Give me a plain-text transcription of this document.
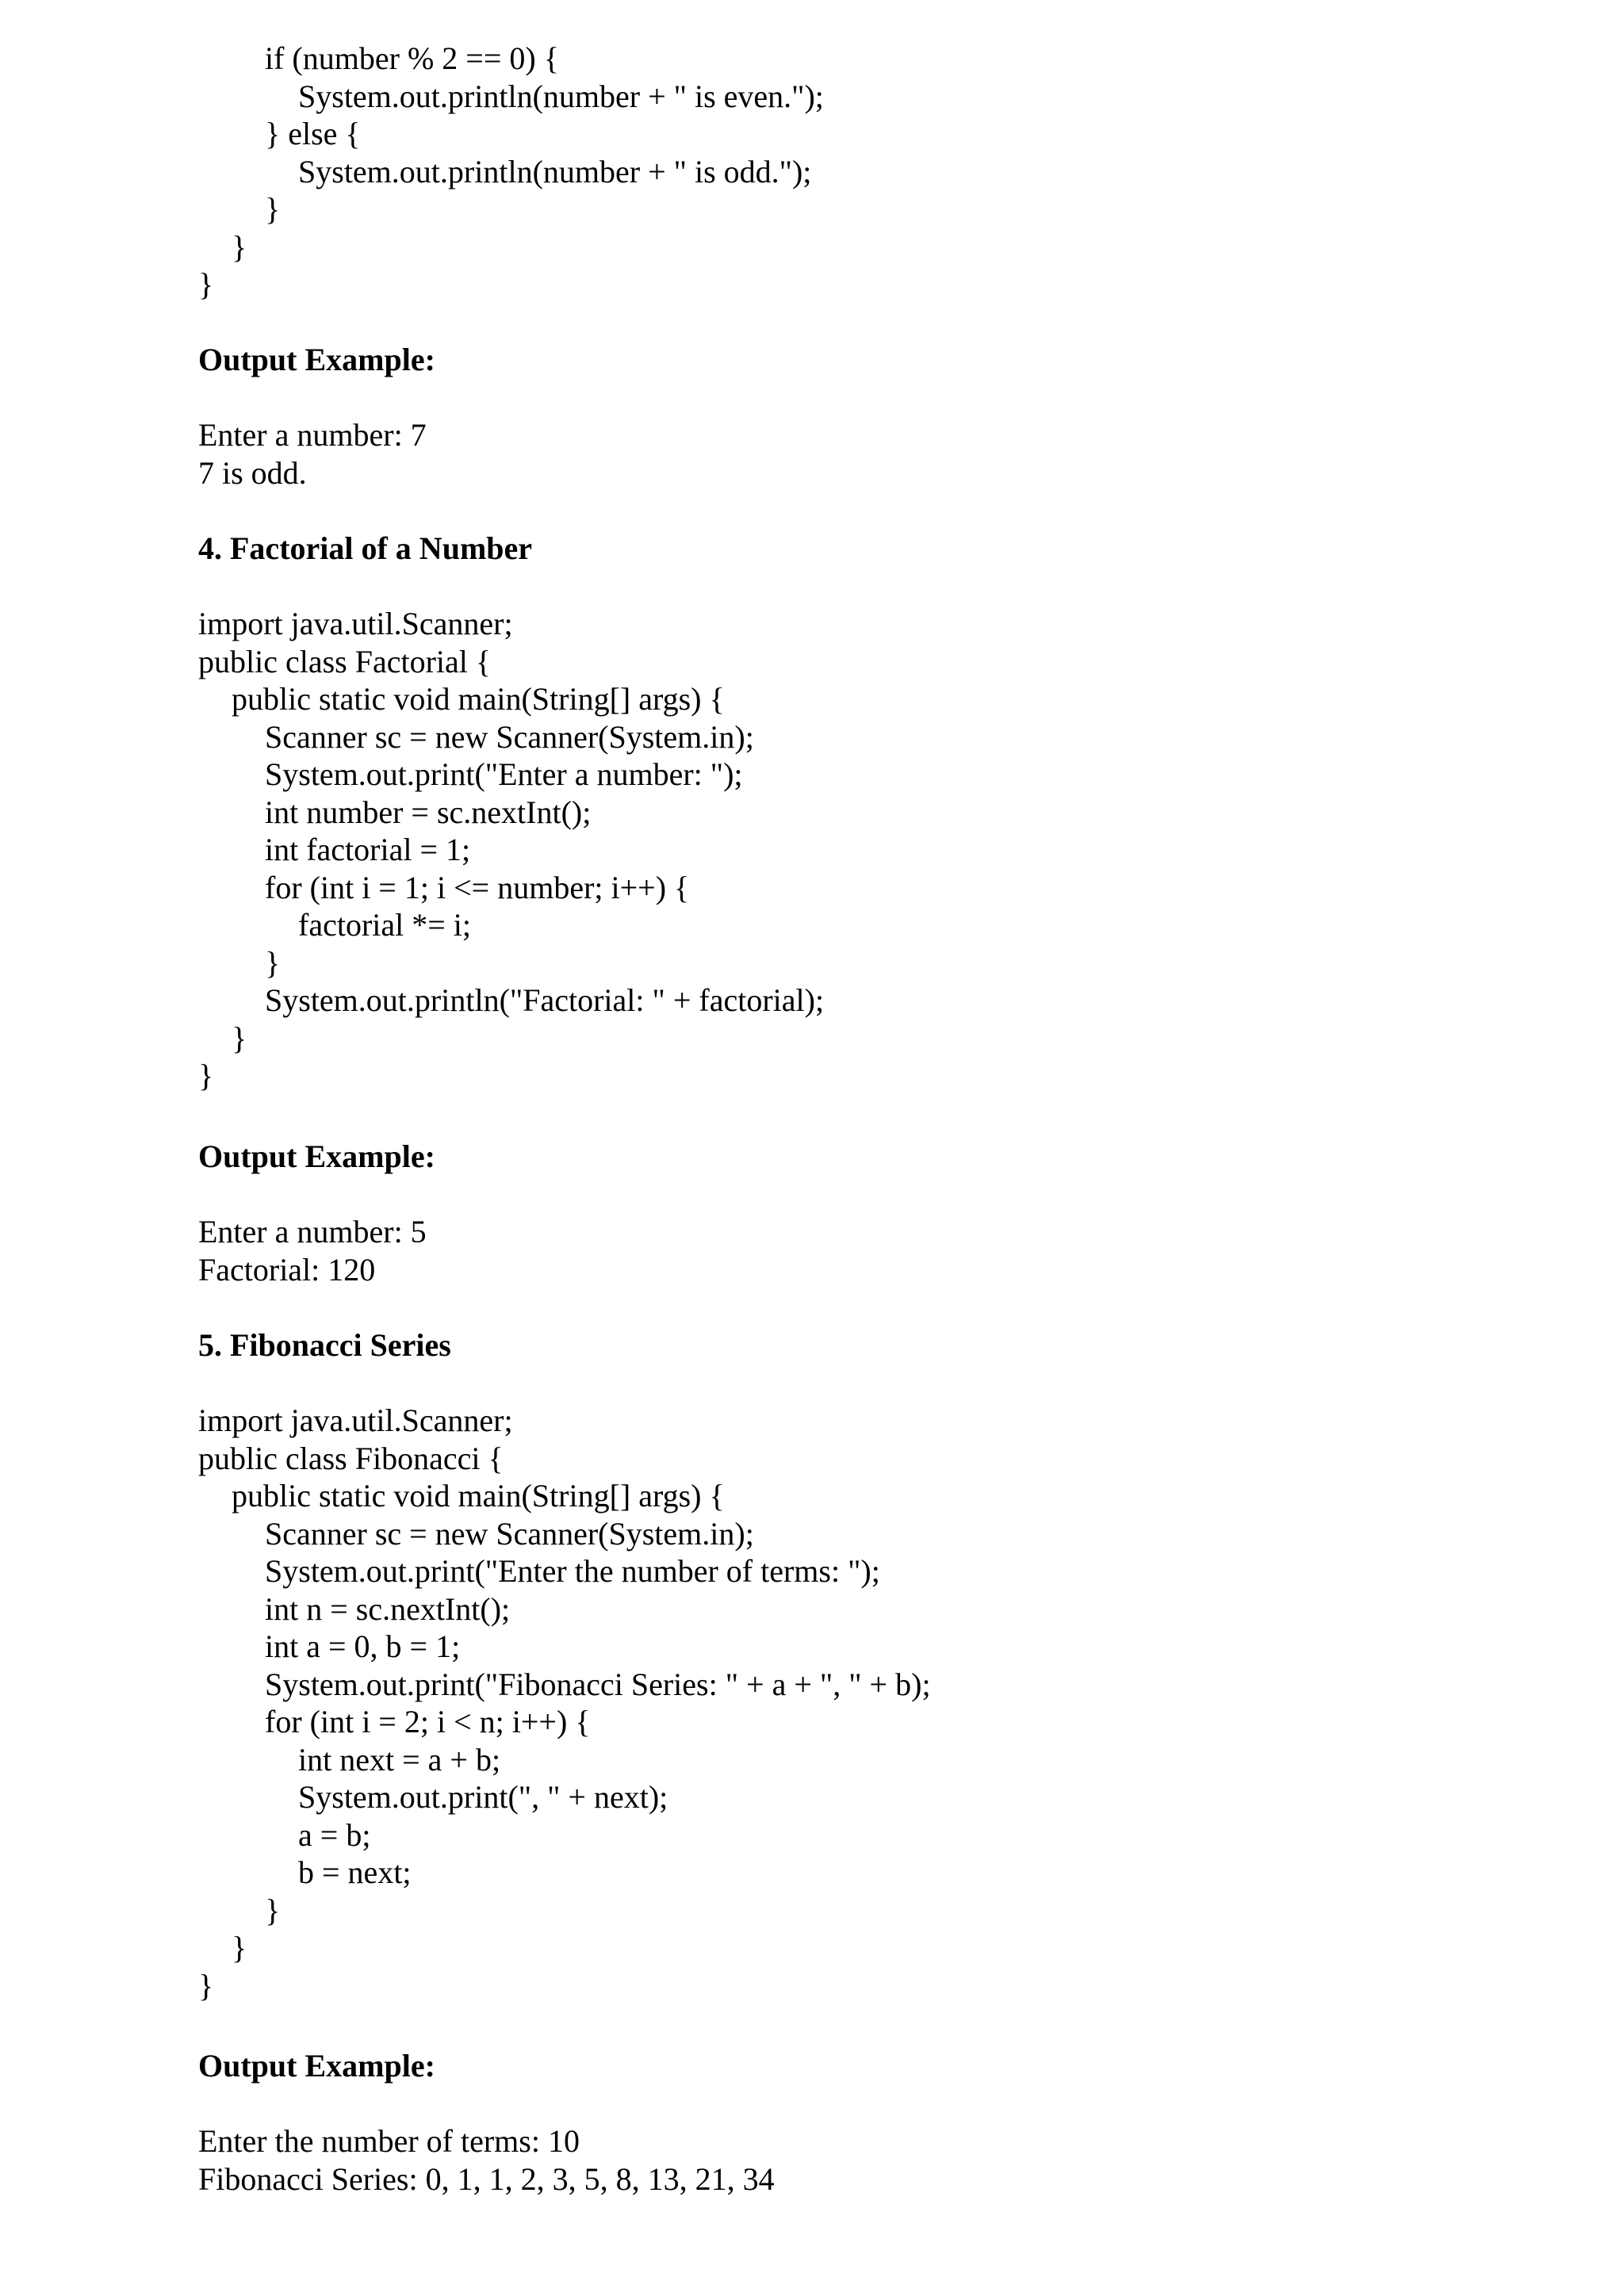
if (number % 2 == 0) {
System.out.println(number + " is even.");
} else {
System.out.println(number + " is odd.");
}
}
}
Output Example:
Enter a number: 7
7 is odd.
4. Factorial of a Number
import java.util.Scanner;
public class Factorial {
public static void main(String[] args) {
Scanner sc = new Scanner(System.in);
System.out.print("Enter a number: ");
int number = sc.nextInt();
int factorial = 1;
for (int i = 1; i <= number; i++) {
factorial *= i;
}
System.out.println("Factorial: " + factorial);
}
}
Output Example:
Enter a number: 5
Factorial: 120
5. Fibonacci Series
import java.util.Scanner;
public class Fibonacci {
public static void main(String[] args) {
Scanner sc = new Scanner(System.in);
System.out.print("Enter the number of terms: ");
int n = sc.nextInt();
int a = 0, b = 1;
System.out.print("Fibonacci Series: " + a + ", " + b);
for (int i = 2; i < n; i++) {
int next = a + b;
System.out.print(", " + next);
a = b;
b = next;
}
}
}
Output Example:
Enter the number of terms: 10
Fibonacci Series: 0, 1, 1, 2, 3, 5, 8, 13, 21, 34
